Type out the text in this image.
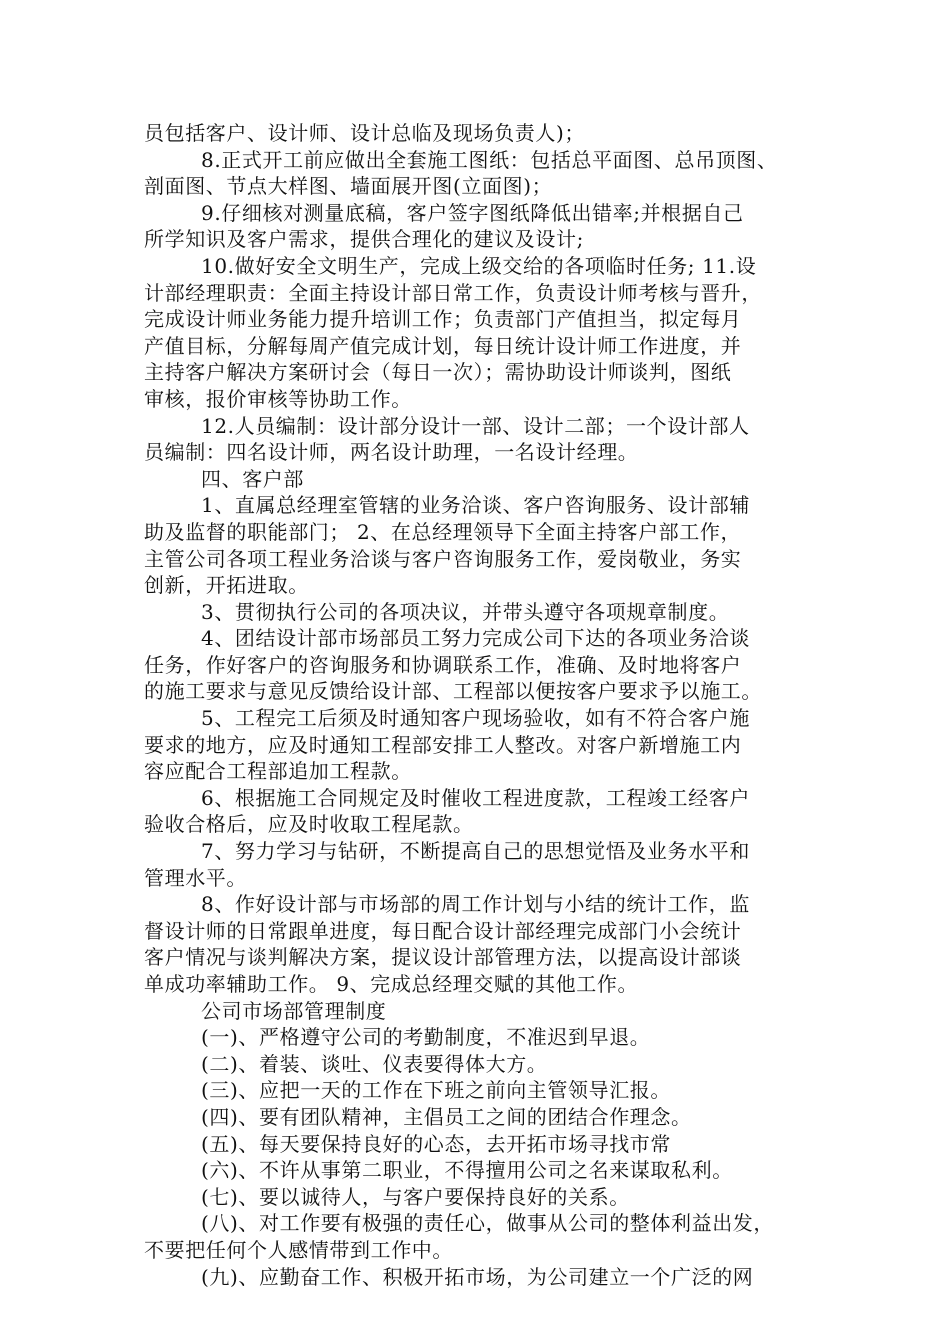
员包括客户、设计师、设计总临及现场负责人)；
8.正式开工前应做出全套施工图纸：包括总平面图、总吊顶图、
剖面图、节点大样图、墙面展开图(立面图)；
9.仔细核对测量底稿，客户签字图纸降低出错率;并根据自己
所学知识及客户需求，提供合理化的建议及设计;
10.做好安全文明生产，完成上级交给的各项临时任务; 11.设
计部经理职责：全面主持设计部日常工作，负责设计师考核与晋升，
完成设计师业务能力提升培训工作；负责部门产值担当，拟定每月
产值目标，分解每周产值完成计划，每日统计设计师工作进度，并
主持客户解决方案研讨会（每日一次）；需协助设计师谈判，图纸
审核，报价审核等协助工作。
12.人员编制：设计部分设计一部、设计二部；一个设计部人
员编制：四名设计师，两名设计助理，一名设计经理。
四、客户部
1、直属总经理室管辖的业务洽谈、客户咨询服务、设计部辅
助及监督的职能部门； 2、在总经理领导下全面主持客户部工作，
主管公司各项工程业务洽谈与客户咨询服务工作，爱岗敬业，务实
创新，开拓进取。
3、贯彻执行公司的各项决议，并带头遵守各项规章制度。
4、团结设计部市场部员工努力完成公司下达的各项业务洽谈
任务，作好客户的咨询服务和协调联系工作，准确、及时地将客户
的施工要求与意见反馈给设计部、工程部以便按客户要求予以施工。
5、工程完工后须及时通知客户现场验收，如有不符合客户施
要求的地方，应及时通知工程部安排工人整改。对客户新增施工内
容应配合工程部追加工程款。
6、根据施工合同规定及时催收工程进度款，工程竣工经客户
验收合格后，应及时收取工程尾款。
7、努力学习与钻研，不断提高自己的思想觉悟及业务水平和
管理水平。
8、作好设计部与市场部的周工作计划与小结的统计工作，监
督设计师的日常跟单进度，每日配合设计部经理完成部门小会统计
客户情况与谈判解决方案，提议设计部管理方法，以提高设计部谈
单成功率辅助工作。 9、完成总经理交赋的其他工作。
公司市场部管理制度
(一)、严格遵守公司的考勤制度，不准迟到早退。
(二)、着装、谈吐、仪表要得体大方。
(三)、应把一天的工作在下班之前向主管领导汇报。
(四)、要有团队精神，主倡员工之间的团结合作理念。
(五)、每天要保持良好的心态，去开拓市场寻找市常
(六)、不许从事第二职业，不得擅用公司之名来谋取私利。
(七)、要以诚待人，与客户要保持良好的关系。
(八)、对工作要有极强的责任心，做事从公司的整体利益出发，
不要把任何个人感情带到工作中。
(九)、应勤奋工作、积极开拓市场，为公司建立一个广泛的网
